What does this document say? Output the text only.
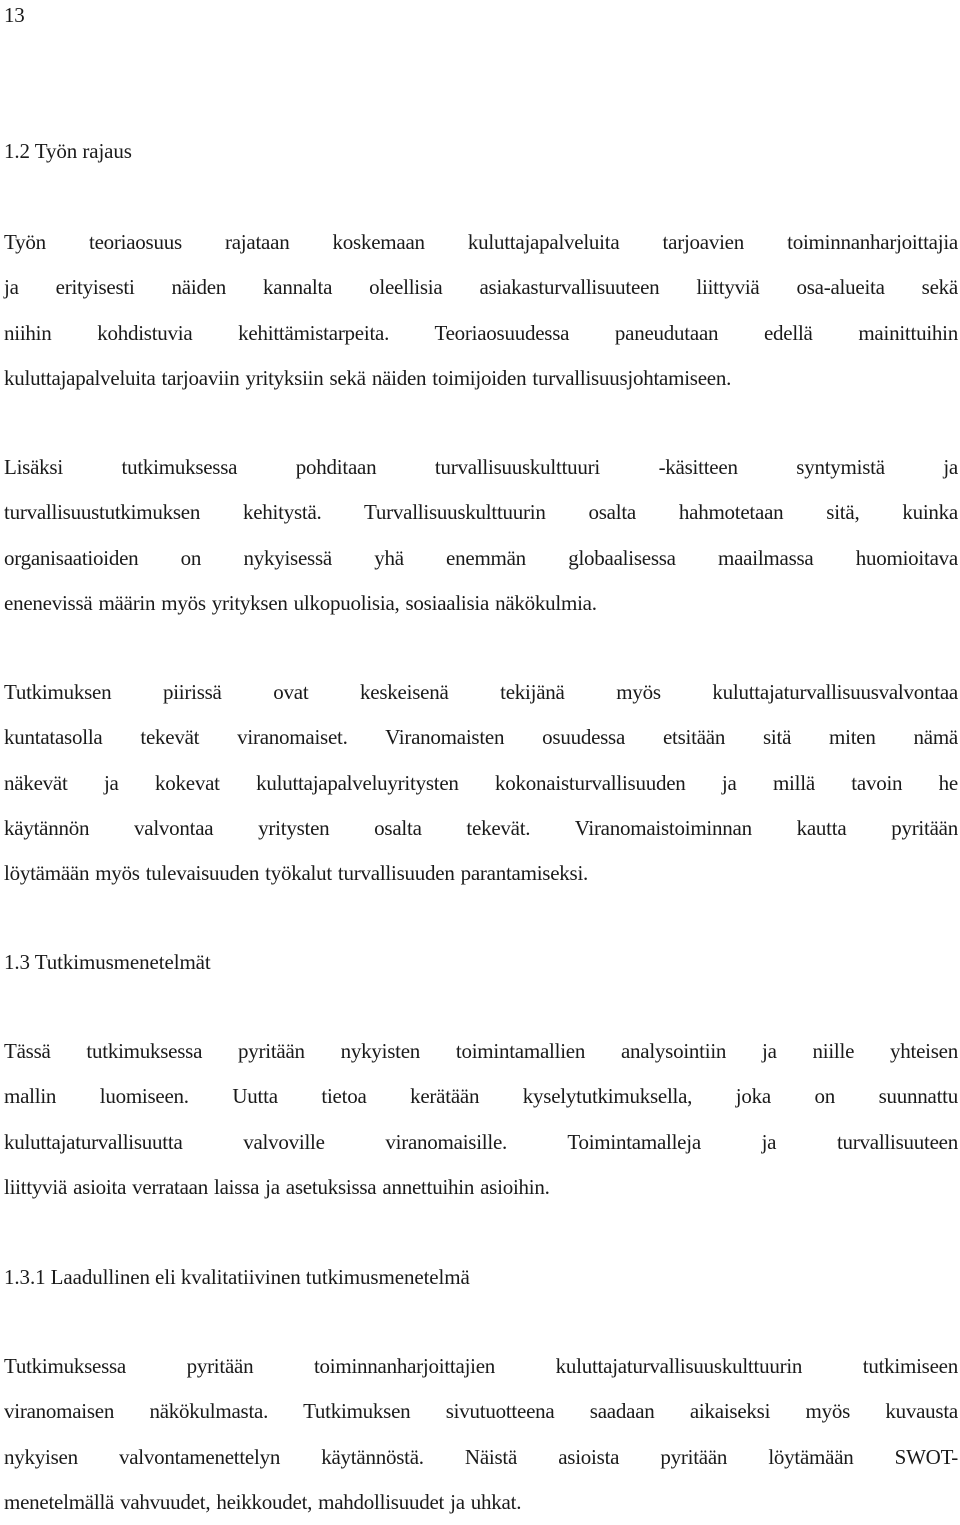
13
1.2 Työn rajaus
Työn teoriaosuus rajataan koskemaan kuluttajapalveluita tarjoavien toiminnanharjoittajia
ja erityisesti näiden kannalta oleellisia asiakasturvallisuuteen liittyviä osa-alueita sekä
niihin kohdistuvia kehittämistarpeita. Teoriaosuudessa paneudutaan edellä mainittuihin
kuluttajapalveluita tarjoaviin yrityksiin sekä näiden toimijoiden turvallisuusjohtamiseen.
Lisäksi tutkimuksessa pohditaan turvallisuuskulttuuri -käsitteen syntymistä ja
turvallisuustutkimuksen kehitystä. Turvallisuuskulttuurin osalta hahmotetaan sitä, kuinka
organisaatioiden on nykyisessä yhä enemmän globaalisessa maailmassa huomioitava
enenevissä määrin myös yrityksen ulkopuolisia, sosiaalisia näkökulmia.
Tutkimuksen piirissä ovat keskeisenä tekijänä myös kuluttajaturvallisuusvalvontaa
kuntatasolla tekevät viranomaiset. Viranomaisten osuudessa etsitään sitä miten nämä
näkevät ja kokevat kuluttajapalveluyritysten kokonaisturvallisuuden ja millä tavoin he
käytännön valvontaa yritysten osalta tekevät. Viranomaistoiminnan kautta pyritään
löytämään myös tulevaisuuden työkalut turvallisuuden parantamiseksi.
1.3 Tutkimusmenetelmät
Tässä tutkimuksessa pyritään nykyisten toimintamallien analysointiin ja niille yhteisen
mallin luomiseen. Uutta tietoa kerätään kyselytutkimuksella, joka on suunnattu
kuluttajaturvallisuutta valvoville viranomaisille. Toimintamalleja ja turvallisuuteen
liittyviä asioita verrataan laissa ja asetuksissa annettuihin asioihin.
1.3.1 Laadullinen eli kvalitatiivinen tutkimusmenetelmä
Tutkimuksessa pyritään toiminnanharjoittajien kuluttajaturvallisuuskulttuurin tutkimiseen
viranomaisen näkökulmasta. Tutkimuksen sivutuotteena saadaan aikaiseksi myös kuvausta
nykyisen valvontamenettelyn käytännöstä. Näistä asioista pyritään löytämään SWOT-
menetelmällä vahvuudet, heikkoudet, mahdollisuudet ja uhkat.
